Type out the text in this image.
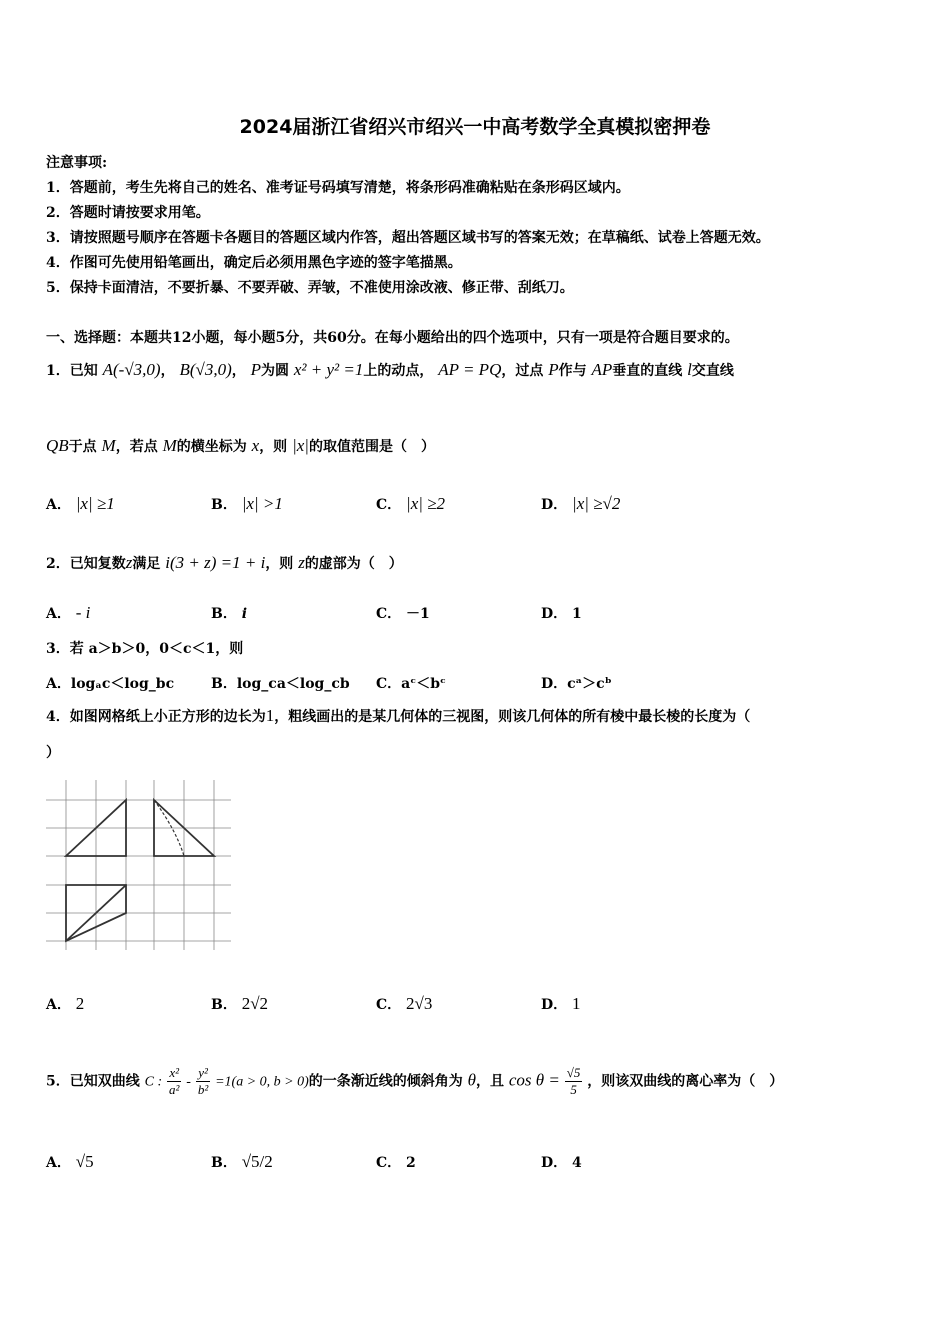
2024届浙江省绍兴市绍兴一中高考数学全真模拟密押卷
注意事项:
1．答题前，考生先将自己的姓名、准考证号码填写清楚，将条形码准确粘贴在条形码区域内。
2．答题时请按要求用笔。
3．请按照题号顺序在答题卡各题目的答题区域内作答，超出答题区域书写的答案无效；在草稿纸、试卷上答题无效。
4．作图可先使用铅笔画出，确定后必须用黑色字迹的签字笔描黑。
5．保持卡面清洁，不要折暴、不要弄破、弄皱，不准使用涂改液、修正带、刮纸刀。
一、选择题：本题共12小题，每小题5分，共60分。在每小题给出的四个选项中，只有一项是符合题目要求的。
1．已知 A(-√3,0)， B(√3,0)， P为圆 x² + y² =1上的动点， AP = PQ，过点 P作与 AP垂直的直线 l交直线
QB于点 M，若点 M的横坐标为 x，则 |x|的取值范围是（　）
A． |x| ≥1	B． |x| >1	C． |x| ≥2	D． |x| ≥√2
2．已知复数z满足 i(3 + z) =1 + i，则 z的虚部为（　）
A． - i	B． i	C． －1	D． 1
3．若 a＞b＞0，0＜c＜1，则
A．logₐc＜log_bc	B．log_ca＜log_cb C．aᶜ＜bᶜ	D．cᵃ＞cᵇ
4．如图网格纸上小正方形的边长为1，粗线画出的是某几何体的三视图，则该几何体的所有棱中最长棱的长度为（
）
A． 2	B． 2√2	C． 2√3	D． 1
5．已知双曲线 C : $\frac{\text{x²}}{\text{a²}} - \frac{\text{y²}}{\text{b²}} =1(a > 0$, b > 0)的一条渐近线的倾斜角为 θ，且 $\cos \theta = \frac{√5}{5}$ ，则该双曲线的离心率为（　）
A． √5	B． √5/2	C． 2	D． 4
